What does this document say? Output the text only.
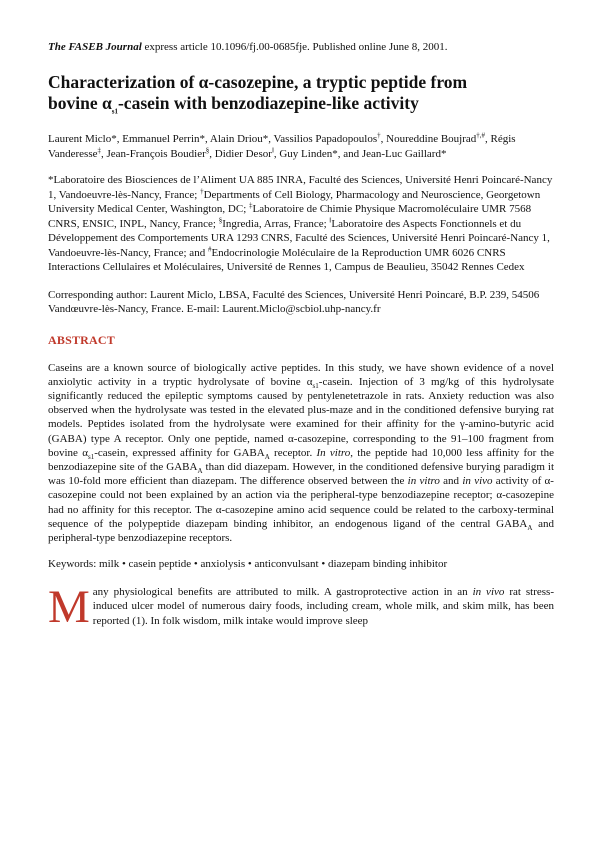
The FASEB Journal express article 10.1096/fj.00-0685fje. Published online June 8, 2001.

Characterization of α-casozepine, a tryptic peptide from
bovine $\alpha_{s1}$-casein with benzodiazepine-like activity

Laurent Miclo*, Emmanuel Perrin*, Alain Driou*, Vassilios Papadopoulos†, Noureddine Boujrad†,#, Régis Vanderesse‡, Jean-François Boudier§, Didier Desor‖, Guy Linden*, and Jean-Luc Gaillard*

*Laboratoire des Biosciences de l’Aliment UA 885 INRA, Faculté des Sciences, Université Henri Poincaré-Nancy 1, Vandoeuvre-lès-Nancy, France; †Departments of Cell Biology, Pharmacology and Neuroscience, Georgetown University Medical Center, Washington, DC; ‡Laboratoire de Chimie Physique Macromoléculaire UMR 7568 CNRS, ENSIC, INPL, Nancy, France; §Ingredia, Arras, France; ‖Laboratoire des Aspects Fonctionnels et du Développement des Comportements URA 1293 CNRS, Faculté des Sciences, Université Henri Poincaré-Nancy 1, Vandoeuvre-lès-Nancy, France; and #Endocrinologie Moléculaire de la Reproduction UMR 6026 CNRS Interactions Cellulaires et Moléculaires, Université de Rennes 1, Campus de Beaulieu, 35042 Rennes Cedex

Corresponding author: Laurent Miclo, LBSA, Faculté des Sciences, Université Henri Poincaré, B.P. 239, 54506 Vandœuvre-lès-Nancy, France. E-mail: Laurent.Miclo@scbiol.uhp-nancy.fr

ABSTRACT

Caseins are a known source of biologically active peptides. In this study, we have shown evidence of a novel anxiolytic activity in a tryptic hydrolysate of bovine $\alpha_{s1}$-casein. Injection of 3 mg/kg of this hydrolysate significantly reduced the epileptic symptoms caused by pentylenetetrazole in rats. Anxiety reduction was also observed when the hydrolysate was tested in the elevated plus-maze and in the conditioned defensive burying rat models. Peptides isolated from the hydrolysate were examined for their affinity for the γ-amino-butyric acid (GABA) type A receptor. Only one peptide, named α-casozepine, corresponding to the 91–100 fragment from bovine $\alpha_{s1}$-casein, expressed affinity for $GABA_A$ receptor. In vitro, the peptide had 10,000 less affinity for the benzodiazepine site of the $GABA_A$ than did diazepam. However, in the conditioned defensive burying paradigm it was 10-fold more efficient than diazepam. The difference observed between the in vitro and in vivo activity of α-casozepine could not been explained by an action via the peripheral-type benzodiazepine receptor; α-casozepine had no affinity for this receptor. The α-casozepine amino acid sequence could be related to the carboxy-terminal sequence of the polypeptide diazepam binding inhibitor, an endogenous ligand of the central $GABA_A$ and peripheral-type benzodiazepine receptors.

Keywords: milk • casein peptide • anxiolysis • anticonvulsant • diazepam binding inhibitor

Many physiological benefits are attributed to milk. A gastroprotective action in an in vivo rat stress-induced ulcer model of numerous dairy foods, including cream, whole milk, and skim milk, has been reported (1). In folk wisdom, milk intake would improve sleep
